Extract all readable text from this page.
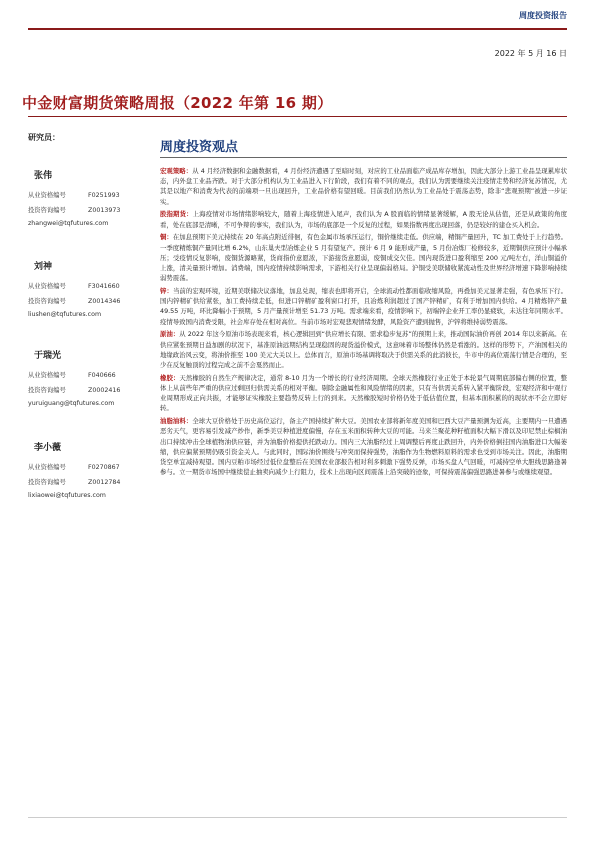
周度投资报告
2022 年 5 月 16 日
中金财富期货策略周报（2022 年第 16 期）
研究员：
张伟
从业资格编号	F0251993
投资咨询编号	Z0013973
zhangwei@tqfutures.com
刘神
从业资格编号	F3041660
投资咨询编号	Z0014346
liushen@tqfutures.com
于瑞光
从业资格编号	F040666
投资咨询编号	Z0002416
yuruiguang@tqfutures.com
李小薇
从业资格编号	F0270867
投资咨询编号	Z0012784
lixiaowei@tqfutures.com
周度投资观点
宏观策略：从 4 月经济数据和金融数据看，4 月份经济遭遇了至暗时刻，对应的工业品面临产成品库存增加，因此大部分上游工业品呈现累库状态，内外盘工业品齐跌。对于大部分机构认为工业品进入下行阶段，我们有着不同的观点，我们认为需要继续关注疫情走势和经济复苏情况，尤其是以地产和消费为代表的前端项一旦出现回升，工业品价格有望回暖。目前我们仍然认为工业品处于震荡态势，除非“悲观预期”被进一步证实。
股指期货：上海疫情对市场情绪影响较大，随着上海疫情进入尾声，我们认为 A 股面临的情绪显著缓解，A 股无论从估值，还是从政策的角度看，处在底部是清晰，不可争辩的事实，我们认为，市场的底部是一个反复的过程，如果指数再度出现回落，仍是较好的建仓买入机会。
铜：在加息预期下美元持续在 20 年高点附近徘徊，有色金属市场承压运行，铜价继续走低。供应端，精铜产量回升，TC 加工费处于上行趋势。一季度精炼铜产量同比增 6.2%，山东巢夫型冶炼企业 5 月有望复产。预计 6 月 9 能形成产量，5 月份冶炼厂检修较多，近期铜供应预计小幅承压；受疫情反复影响，废铜货源略紧，货商指价意愿浓，下游接货意愿弱，废铜成交欠佳。国内现货进口盈利缩至 200 元/吨左右，洋山铜溢价上涨，清关量预计增加。消费端，国内疫情持续影响需求，下游相关行业呈现偏弱格局。沪铜受美联储收紧流动性及世界经济增速下降影响持续弱势震荡。
锌：当前的宏观环境，近期美联储决议落地，加息兑现，缩表也即将开启，全球流动性都面临收缩风险，再叠加美元显著走强，有色承压下行。国内锌精矿供给紧张，加工费持续走低，但进口锌精矿盈利窗口打开，且冶炼利润超过了国产锌精矿，有利于增加国内供给。4 月精炼锌产量 49.55 万吨，环比降幅小于预期，5 月产量预计增至 51.73 万吨。需求端来看，疫情影响下，初端锌企业开工率仍显疲软，未达往年同期水平。疫情导致国内消费受限，社会库存处在相对高位。当前市场对宏观悲观情绪发酵，风险资产遭到抛售，沪锌将维持弱势震荡。
原油：从 2022 年这今原油市场表现来看，核心逻辑回到“供应增长有限、需求稳步复苏”的预期上来，推动国际油价再创 2014 年以来新高。在供应紧张预期日益加剧的状况下，基准原油远期结构呈现稳固的现货溢价模式，这意味着市场整体仍然是看涨的。这样的形势下，产油国相关的地缘政治风云变，将油价推至 100 美元大关以上。总体而言，原油市场基调将取决于供需关系的此消彼长，牛市中的高位震荡行情是合理的，至少在反复触顶的过程完成之前不会戛然而止。
橡胶：天然橡胶的自然生产规律决定，通常 8-10 月为一个增长的行业经济周期。全球天然橡胶行业正处于本轮景气周期底部偏右侧的位置，整体上从前些年严重的供应过剩回归供需关系的相对平衡。剔除金融属性和风险情绪的因素，只有当供需关系转入紧平衡阶段，宏观经济和中观行业周期形成正向共振，才能够证实橡胶主要趋势反转上行的到来。天然橡胶短时价格仍处于低估值位置，但基本面积累的的现状亦不会立即好转。
油脂油料：全球大豆价格处于历史高位运行，备主产国持续扩种大豆。美国农业部将新年度美国和巴西大豆产量预测为近高，主要期内一旦遭遇恶劣天气，更容易引发减产炒作，新季美豆种植进度偏慢，存在玉米面积转种大豆的可能。马来兰聚花种籽植面积大幅下滑以及印尼禁止棕榈油出口持续冲击全球植物油供应链，并为油脂价格提供托跌动力。国内三大油脂经过上周调整后再度止跌回升，内外价格倒挂国内油脂进口大幅萎缩，供应偏紧预期仍吸引资金关人。与此同时，国际油价围绕与冲突而保持强势，油脂作为生物燃料原料的需求也受到市场关注。因此，油脂期货空单宜减持观望。国内豆粕市场经过低位盘整后在美国农业部报告相对利多刺激下强势反弹，市场买盘人气回暖，可减持空单大胆线思路逢暑参与。立一期货市场国中继续偿止抽卖向减少上行阻力，技术上出现向区间震荡上沿突破的迹象，可保持震荡偏强思路进暑参与或继续观望。
